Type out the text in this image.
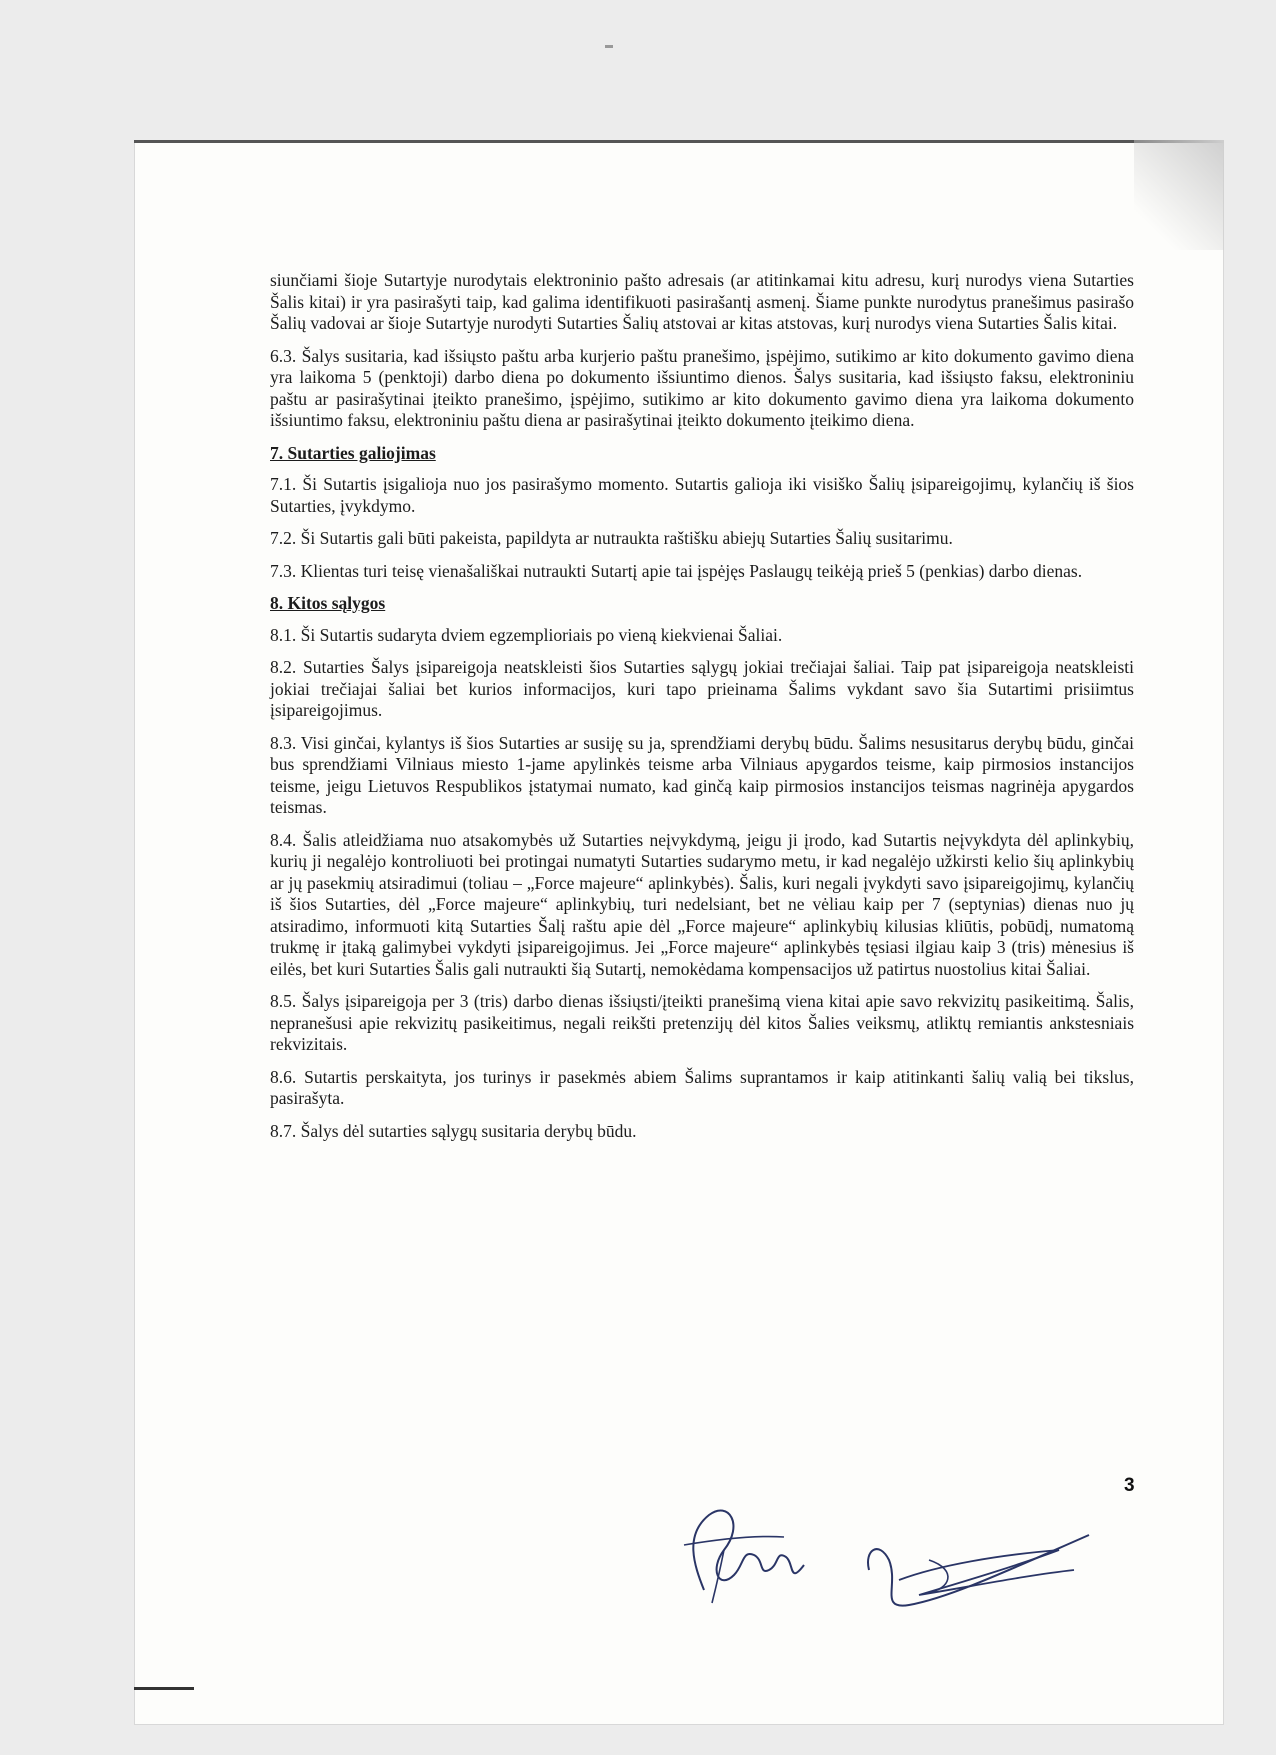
siunčiami šioje Sutartyje nurodytais elektroninio pašto adresais (ar atitinkamai kitu adresu, kurį nurodys viena Sutarties Šalis kitai) ir yra pasirašyti taip, kad galima identifikuoti pasirašantį asmenį. Šiame punkte nurodytus pranešimus pasirašo Šalių vadovai ar šioje Sutartyje nurodyti Sutarties Šalių atstovai ar kitas atstovas, kurį nurodys viena Sutarties Šalis kitai.

6.3. Šalys susitaria, kad išsiųsto paštu arba kurjerio paštu pranešimo, įspėjimo, sutikimo ar kito dokumento gavimo diena yra laikoma 5 (penktoji) darbo diena po dokumento išsiuntimo dienos. Šalys susitaria, kad išsiųsto faksu, elektroniniu paštu ar pasirašytinai įteikto pranešimo, įspėjimo, sutikimo ar kito dokumento gavimo diena yra laikoma dokumento išsiuntimo faksu, elektroniniu paštu diena ar pasirašytinai įteikto dokumento įteikimo diena.

7. Sutarties galiojimas

7.1. Ši Sutartis įsigalioja nuo jos pasirašymo momento. Sutartis galioja iki visiško Šalių įsipareigojimų, kylančių iš šios Sutarties, įvykdymo.

7.2. Ši Sutartis gali būti pakeista, papildyta ar nutraukta raštišku abiejų Sutarties Šalių susitarimu.

7.3. Klientas turi teisę vienašališkai nutraukti Sutartį apie tai įspėjęs Paslaugų teikėją prieš 5 (penkias) darbo dienas.

8. Kitos sąlygos

8.1. Ši Sutartis sudaryta dviem egzemplioriais po vieną kiekvienai Šaliai.

8.2. Sutarties Šalys įsipareigoja neatskleisti šios Sutarties sąlygų jokiai trečiajai šaliai. Taip pat įsipareigoja neatskleisti jokiai trečiajai šaliai bet kurios informacijos, kuri tapo prieinama Šalims vykdant savo šia Sutartimi prisiimtus įsipareigojimus.

8.3. Visi ginčai, kylantys iš šios Sutarties ar susiję su ja, sprendžiami derybų būdu. Šalims nesusitarus derybų būdu, ginčai bus sprendžiami Vilniaus miesto 1-jame apylinkės teisme arba Vilniaus apygardos teisme, kaip pirmosios instancijos teisme, jeigu Lietuvos Respublikos įstatymai numato, kad ginčą kaip pirmosios instancijos teismas nagrinėja apygardos teismas.

8.4. Šalis atleidžiama nuo atsakomybės už Sutarties neįvykdymą, jeigu ji įrodo, kad Sutartis neįvykdyta dėl aplinkybių, kurių ji negalėjo kontroliuoti bei protingai numatyti Sutarties sudarymo metu, ir kad negalėjo užkirsti kelio šių aplinkybių ar jų pasekmių atsiradimui (toliau – „Force majeure“ aplinkybės). Šalis, kuri negali įvykdyti savo įsipareigojimų, kylančių iš šios Sutarties, dėl „Force majeure“ aplinkybių, turi nedelsiant, bet ne vėliau kaip per 7 (septynias) dienas nuo jų atsiradimo, informuoti kitą Sutarties Šalį raštu apie dėl „Force majeure“ aplinkybių kilusias kliūtis, pobūdį, numatomą trukmę ir įtaką galimybei vykdyti įsipareigojimus. Jei „Force majeure“ aplinkybės tęsiasi ilgiau kaip 3 (tris) mėnesius iš eilės, bet kuri Sutarties Šalis gali nutraukti šią Sutartį, nemokėdama kompensacijos už patirtus nuostolius kitai Šaliai.

8.5. Šalys įsipareigoja per 3 (tris) darbo dienas išsiųsti/įteikti pranešimą viena kitai apie savo rekvizitų pasikeitimą. Šalis, nepranešusi apie rekvizitų pasikeitimus, negali reikšti pretenzijų dėl kitos Šalies veiksmų, atliktų remiantis ankstesniais rekvizitais.

8.6. Sutartis perskaityta, jos turinys ir pasekmės abiem Šalims suprantamos ir kaip atitinkanti šalių valią bei tikslus, pasirašyta.

8.7. Šalys dėl sutarties sąlygų susitaria derybų būdu.

3
